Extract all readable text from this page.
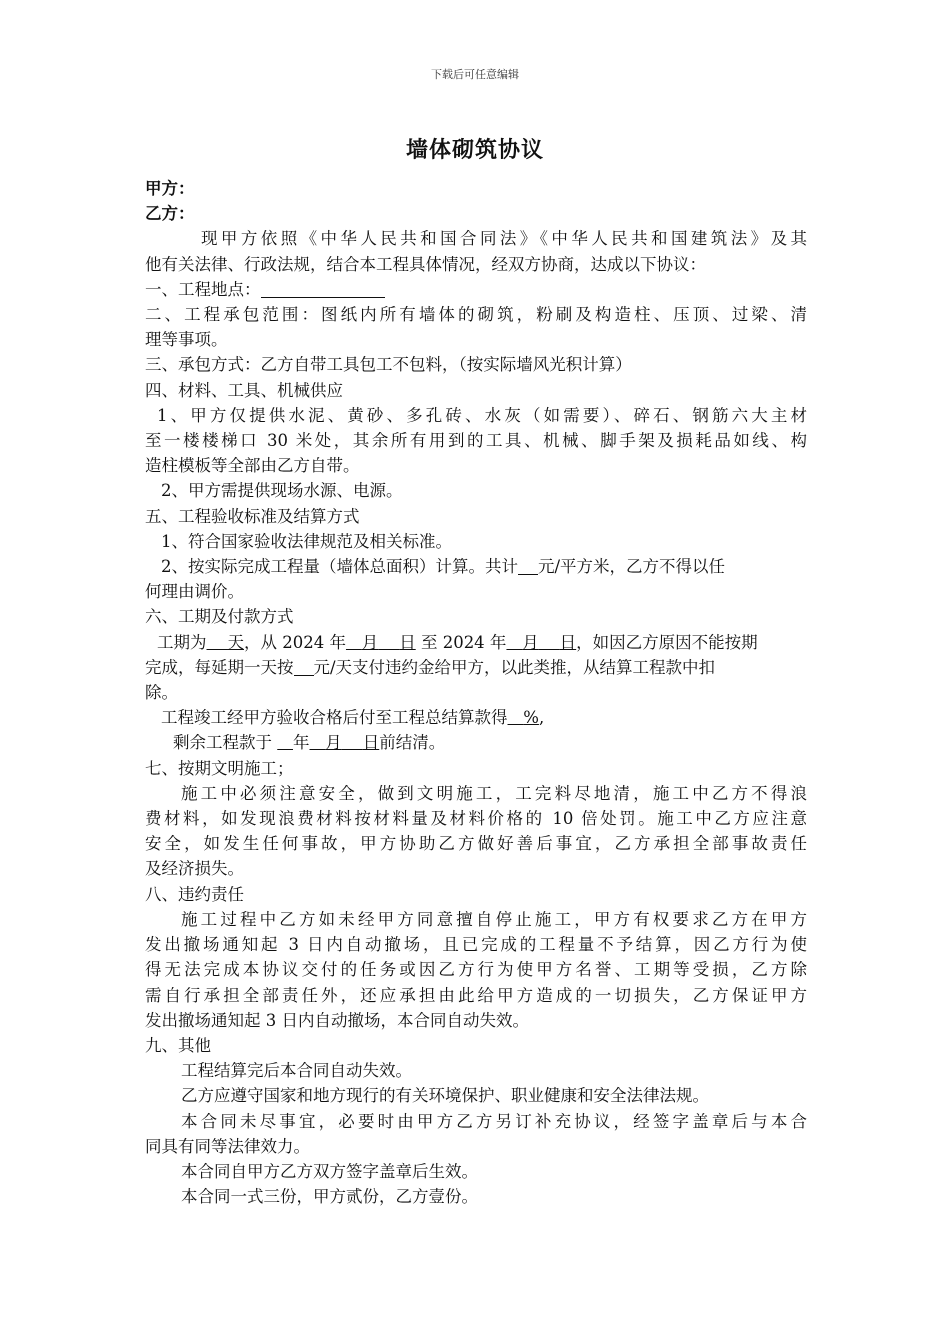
下载后可任意编辑
墙体砌筑协议
甲方：
乙方：
现甲方依照《中华人民共和国合同法》《中华人民共和国建筑法》及其
他有关法律、行政法规，结合本工程具体情况，经双方协商，达成以下协议：
一、工程地点：
二、工程承包范围：图纸内所有墙体的砌筑，粉刷及构造柱、压顶、过梁、清
理等事项。
三、承包方式：乙方自带工具包工不包料，（按实际墙风光积计算）
四、材料、工具、机械供应
1、甲方仅提供水泥、黄砂、多孔砖、水灰（如需要）、碎石、钢筋六大主材
至一楼楼梯口 30 米处，其余所有用到的工具、机械、脚手架及损耗品如线、构
造柱模板等全部由乙方自带。
2、甲方需提供现场水源、电源。
五、工程验收标准及结算方式
1、符合国家验收法律规范及相关标准。
2、按实际完成工程量（墙体总面积）计算。共计 元/平方米，乙方不得以任
何理由调价。
六、工期及付款方式
工期为 天，从 2024 年 月 日 至 2024 年 月 日，如因乙方原因不能按期
完成，每延期一天按 元/天支付违约金给甲方，以此类推，从结算工程款中扣
除。
工程竣工经甲方验收合格后付至工程总结算款得 %,
剩余工程款于    年 月 日前结清。
七、按期文明施工；
施工中必须注意安全，做到文明施工，工完料尽地清，施工中乙方不得浪
费材料，如发现浪费材料按材料量及材料价格的 10 倍处罚。施工中乙方应注意
安全，如发生任何事故，甲方协助乙方做好善后事宜，乙方承担全部事故责任
及经济损失。
八、违约责任
施工过程中乙方如未经甲方同意擅自停止施工，甲方有权要求乙方在甲方
发出撤场通知起 3 日内自动撤场，且已完成的工程量不予结算，因乙方行为使
得无法完成本协议交付的任务或因乙方行为使甲方名誉、工期等受损，乙方除
需自行承担全部责任外，还应承担由此给甲方造成的一切损失，乙方保证甲方
发出撤场通知起 3 日内自动撤场，本合同自动失效。
九、其他
工程结算完后本合同自动失效。
乙方应遵守国家和地方现行的有关环境保护、职业健康和安全法律法规。
本合同未尽事宜，必要时由甲方乙方另订补充协议，经签字盖章后与本合
同具有同等法律效力。
本合同自甲方乙方双方签字盖章后生效。
本合同一式三份，甲方贰份，乙方壹份。
